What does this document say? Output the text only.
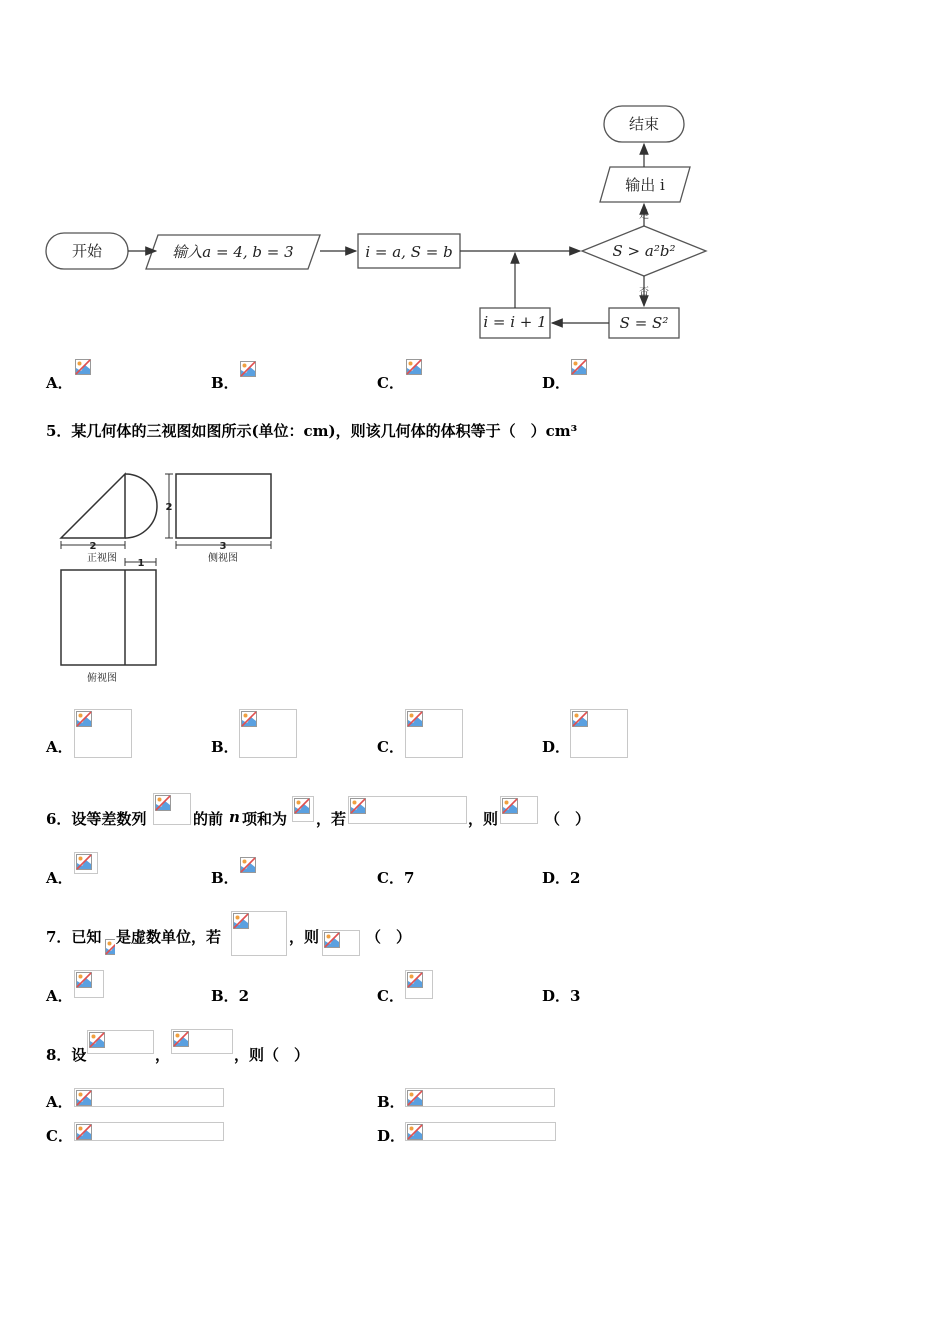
开始	输入a = 4, b = 3	i = a, S = b	S > a²b²
输出 i
结束
S = S²
i = i + 1
是
否
A．	B．	C．	D．
5．某几何体的三视图如图所示(单位：cm)，则该几何体的体积等于（　）cm³
2
2
3
1
正视图	侧视图
俯视图
A．	B．	C．	D．
6．设等差数列	的前 n 项和为 ，若	，则	（　）
A．	B．	C．7	D．2
7．已知 是虚数单位，若	，则	（　）
A．	B．2	C．	D．3
8．设	，	，则（　）
A．	B．
C．	D．
